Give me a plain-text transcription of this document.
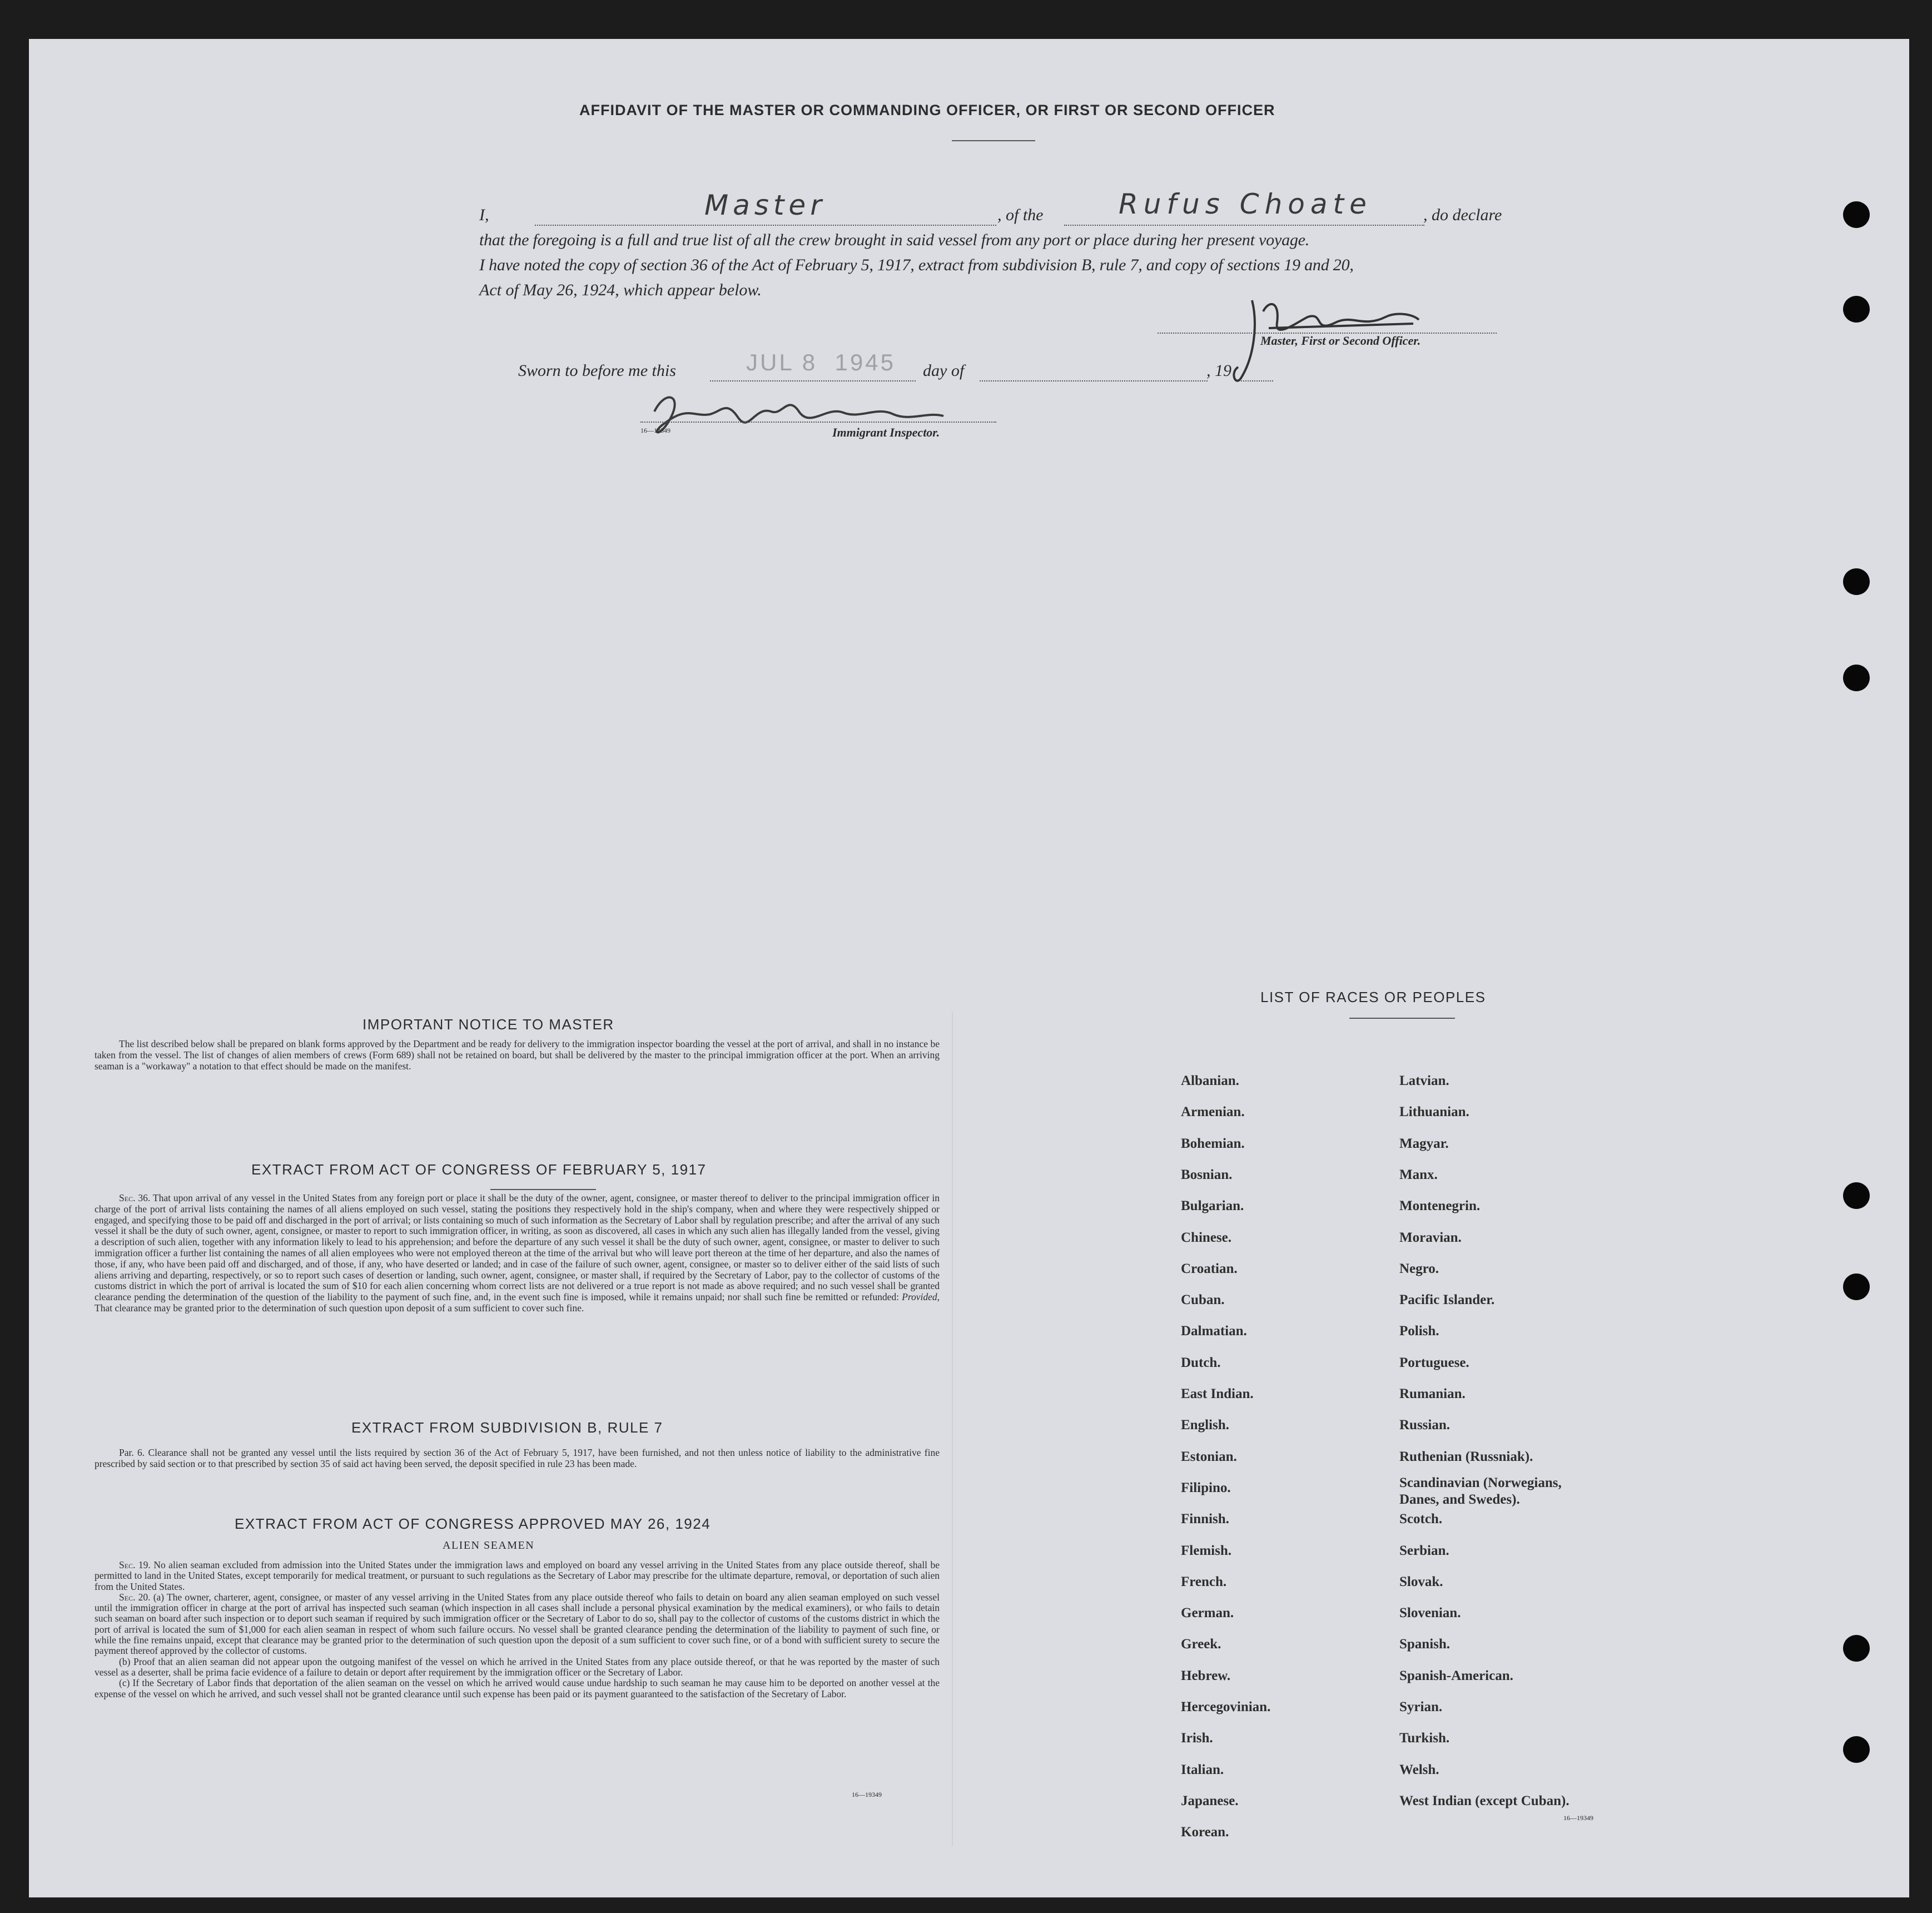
AFFIDAVIT OF THE MASTER OR COMMANDING OFFICER, OR FIRST OR SECOND OFFICER
I,	Master	, of the	Rufus Choate	, do declare
that the foregoing is a full and true list of all the crew brought in said vessel from any port or place during her present voyage.
I have noted the copy of section 36 of the Act of February 5, 1917, extract from subdivision B, rule 7, and copy of sections 19 and 20,
Act of May 26, 1924, which appear below.
Master, First or Second Officer.
Sworn to before me this	JUL 8  1945 day of	, 19
16—19349	Immigrant Inspector.
IMPORTANT NOTICE TO MASTER

The list described below shall be prepared on blank forms approved by the Department and be ready for delivery to the immigration inspector boarding the vessel at the port of arrival, and shall in no instance be taken from the vessel. The list of changes of alien members of crews (Form 689) shall not be retained on board, but shall be delivered by the master to the principal immigration officer at the port. When an arriving seaman is a "workaway" a notation to that effect should be made on the manifest.

EXTRACT FROM ACT OF CONGRESS OF FEBRUARY 5, 1917

Sec. 36. That upon arrival of any vessel in the United States from any foreign port or place it shall be the duty of the owner, agent, consignee, or master thereof to deliver to the principal immigration officer in charge of the port of arrival lists containing the names of all aliens employed on such vessel, stating the positions they respectively hold in the ship's company, when and where they were respectively shipped or engaged, and specifying those to be paid off and discharged in the port of arrival; or lists containing so much of such information as the Secretary of Labor shall by regulation prescribe; and after the arrival of any such vessel it shall be the duty of such owner, agent, consignee, or master to report to such immigration officer, in writing, as soon as discovered, all cases in which any such alien has illegally landed from the vessel, giving a description of such alien, together with any information likely to lead to his apprehension; and before the departure of any such vessel it shall be the duty of such owner, agent, consignee, or master to deliver to such immigration officer a further list containing the names of all alien employees who were not employed thereon at the time of the arrival but who will leave port thereon at the time of her departure, and also the names of those, if any, who have been paid off and discharged, and of those, if any, who have deserted or landed; and in case of the failure of such owner, agent, consignee, or master so to deliver either of the said lists of such aliens arriving and departing, respectively, or so to report such cases of desertion or landing, such owner, agent, consignee, or master shall, if required by the Secretary of Labor, pay to the collector of customs of the customs district in which the port of arrival is located the sum of $10 for each alien concerning whom correct lists are not delivered or a true report is not made as above required; and no such vessel shall be granted clearance pending the determination of the question of the liability to the payment of such fine, and, in the event such fine is imposed, while it remains unpaid; nor shall such fine be remitted or refunded: Provided, That clearance may be granted prior to the determination of such question upon deposit of a sum sufficient to cover such fine.

EXTRACT FROM SUBDIVISION B, RULE 7

Par. 6. Clearance shall not be granted any vessel until the lists required by section 36 of the Act of February 5, 1917, have been furnished, and not then unless notice of liability to the administrative fine prescribed by said section or to that prescribed by section 35 of said act having been served, the deposit specified in rule 23 has been made.

EXTRACT FROM ACT OF CONGRESS APPROVED MAY 26, 1924
ALIEN SEAMEN

Sec. 19. No alien seaman excluded from admission into the United States under the immigration laws and employed on board any vessel arriving in the United States from any place outside thereof, shall be permitted to land in the United States, except temporarily for medical treatment, or pursuant to such regulations as the Secretary of Labor may prescribe for the ultimate departure, removal, or deportation of such alien from the United States.

Sec. 20. (a) The owner, charterer, agent, consignee, or master of any vessel arriving in the United States from any place outside thereof who fails to detain on board any alien seaman employed on such vessel until the immigration officer in charge at the port of arrival has inspected such seaman (which inspection in all cases shall include a personal physical examination by the medical examiners), or who fails to detain such seaman on board after such inspection or to deport such seaman if required by such immigration officer or the Secretary of Labor to do so, shall pay to the collector of customs of the customs district in which the port of arrival is located the sum of $1,000 for each alien seaman in respect of whom such failure occurs. No vessel shall be granted clearance pending the determination of the liability to payment of such fine, or while the fine remains unpaid, except that clearance may be granted prior to the determination of such question upon the deposit of a sum sufficient to cover such fine, or of a bond with sufficient surety to secure the payment thereof approved by the collector of customs.

(b) Proof that an alien seaman did not appear upon the outgoing manifest of the vessel on which he arrived in the United States from any place outside thereof, or that he was reported by the master of such vessel as a deserter, shall be prima facie evidence of a failure to detain or deport after requirement by the immigration officer or the Secretary of Labor.

(c) If the Secretary of Labor finds that deportation of the alien seaman on the vessel on which he arrived would cause undue hardship to such seaman he may cause him to be deported on another vessel at the expense of the vessel on which he arrived, and such vessel shall not be granted clearance until such expense has been paid or its payment guaranteed to the satisfaction of the Secretary of Labor.

16—19349
LIST OF RACES OR PEOPLES
16—19349
Albanian.
Armenian.
Bohemian.
Bosnian.
Bulgarian.
Chinese.
Croatian.
Cuban.
Dalmatian.
Dutch.
East Indian.
English.
Estonian.
Filipino.
Finnish.
Flemish.
French.
German.
Greek.
Hebrew.
Hercegovinian.
Irish.
Italian.
Japanese.
Korean.
Latvian.
Lithuanian.
Magyar.
Manx.
Montenegrin.
Moravian.
Negro.
Pacific Islander.
Polish.
Portuguese.
Rumanian.
Russian.
Ruthenian (Russniak).
Scandinavian (Norwegians, Danes, and Swedes).
Scotch.
Serbian.
Slovak.
Slovenian.
Spanish.
Spanish-American.
Syrian.
Turkish.
Welsh.
West Indian (except Cuban).
